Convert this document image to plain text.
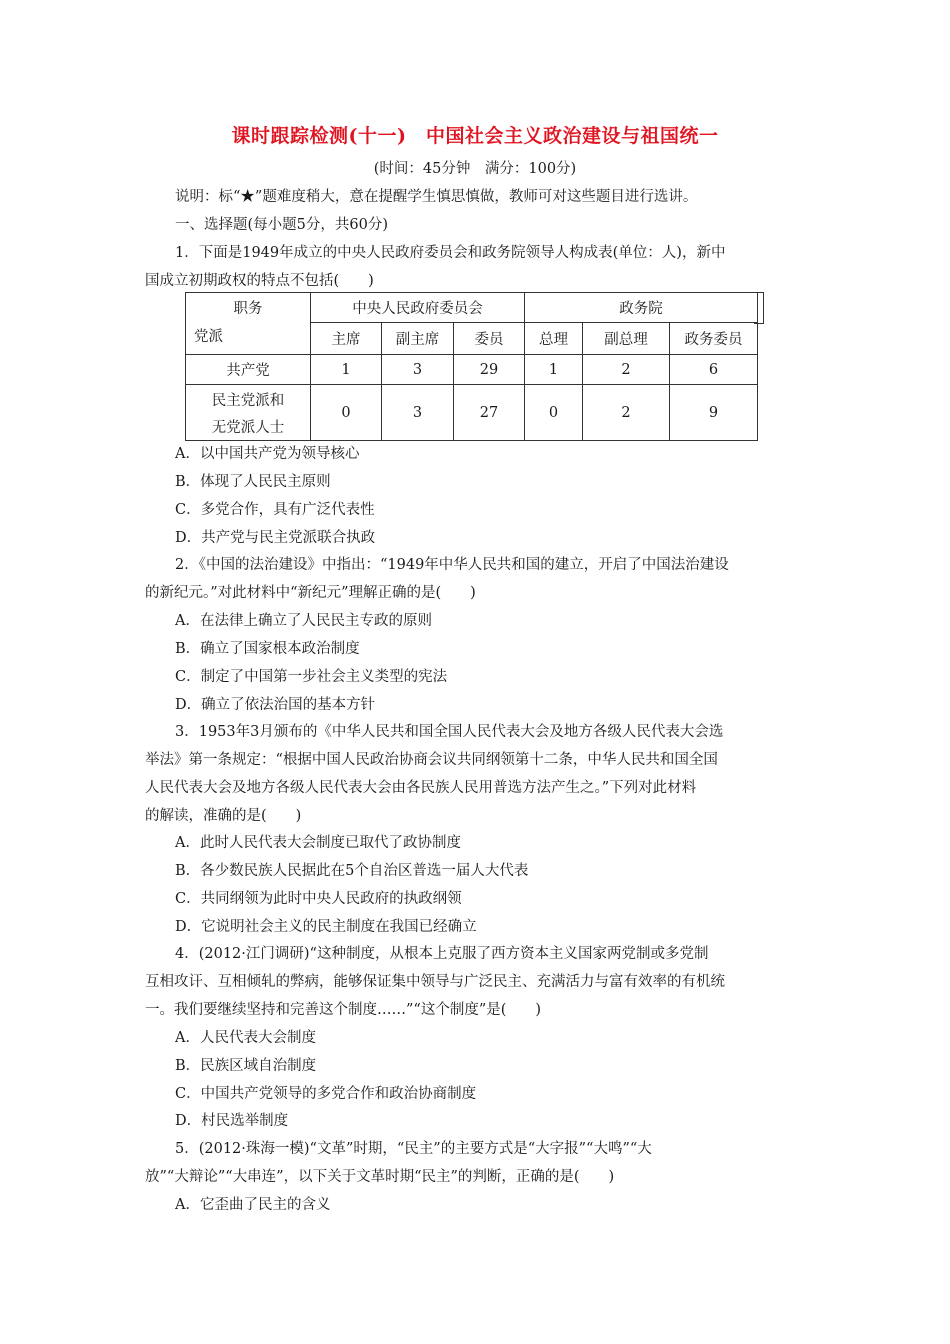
课时跟踪检测(十一)　中国社会主义政治建设与祖国统一
(时间：45分钟　满分：100分)
说明：标“★”题难度稍大，意在提醒学生慎思慎做，教师可对这些题目进行选讲。
一、选择题(每小题5分，共60分)
1．下面是1949年成立的中央人民政府委员会和政务院领导人构成表(单位：人)，新中
国成立初期政权的特点不包括(　　)
职务
党派	中央人民政府委员会			政务院		
	主席	副主席	委员	总理	副总理	政务委员
共产党	1	3	29	1	2	6

民主党派和
无党派人士	0	3	27	0	2	9
A．以中国共产党为领导核心
B．体现了人民民主原则
C．多党合作，具有广泛代表性
D．共产党与民主党派联合执政
2．《中国的法治建设》中指出：“1949年中华人民共和国的建立，开启了中国法治建设
的新纪元。”对此材料中“新纪元”理解正确的是(　　)
A．在法律上确立了人民民主专政的原则
B．确立了国家根本政治制度
C．制定了中国第一步社会主义类型的宪法
D．确立了依法治国的基本方针
3．1953年3月颁布的《中华人民共和国全国人民代表大会及地方各级人民代表大会选
举法》第一条规定：“根据中国人民政治协商会议共同纲领第十二条，中华人民共和国全国
人民代表大会及地方各级人民代表大会由各民族人民用普选方法产生之。”下列对此材料
的解读，准确的是(　　)
A．此时人民代表大会制度已取代了政协制度
B．各少数民族人民据此在5个自治区普选一届人大代表
C．共同纲领为此时中央人民政府的执政纲领
D．它说明社会主义的民主制度在我国已经确立
4．(2012·江门调研)“这种制度，从根本上克服了西方资本主义国家两党制或多党制
互相攻讦、互相倾轧的弊病，能够保证集中领导与广泛民主、充满活力与富有效率的有机统
一。我们要继续坚持和完善这个制度……”“这个制度”是(　　)
A．人民代表大会制度
B．民族区域自治制度
C．中国共产党领导的多党合作和政治协商制度
D．村民选举制度
5．(2012·珠海一模)“文革”时期，“民主”的主要方式是“大字报”“大鸣”“大
放”“大辩论”“大串连”，以下关于文革时期“民主”的判断，正确的是(　　)
A．它歪曲了民主的含义
